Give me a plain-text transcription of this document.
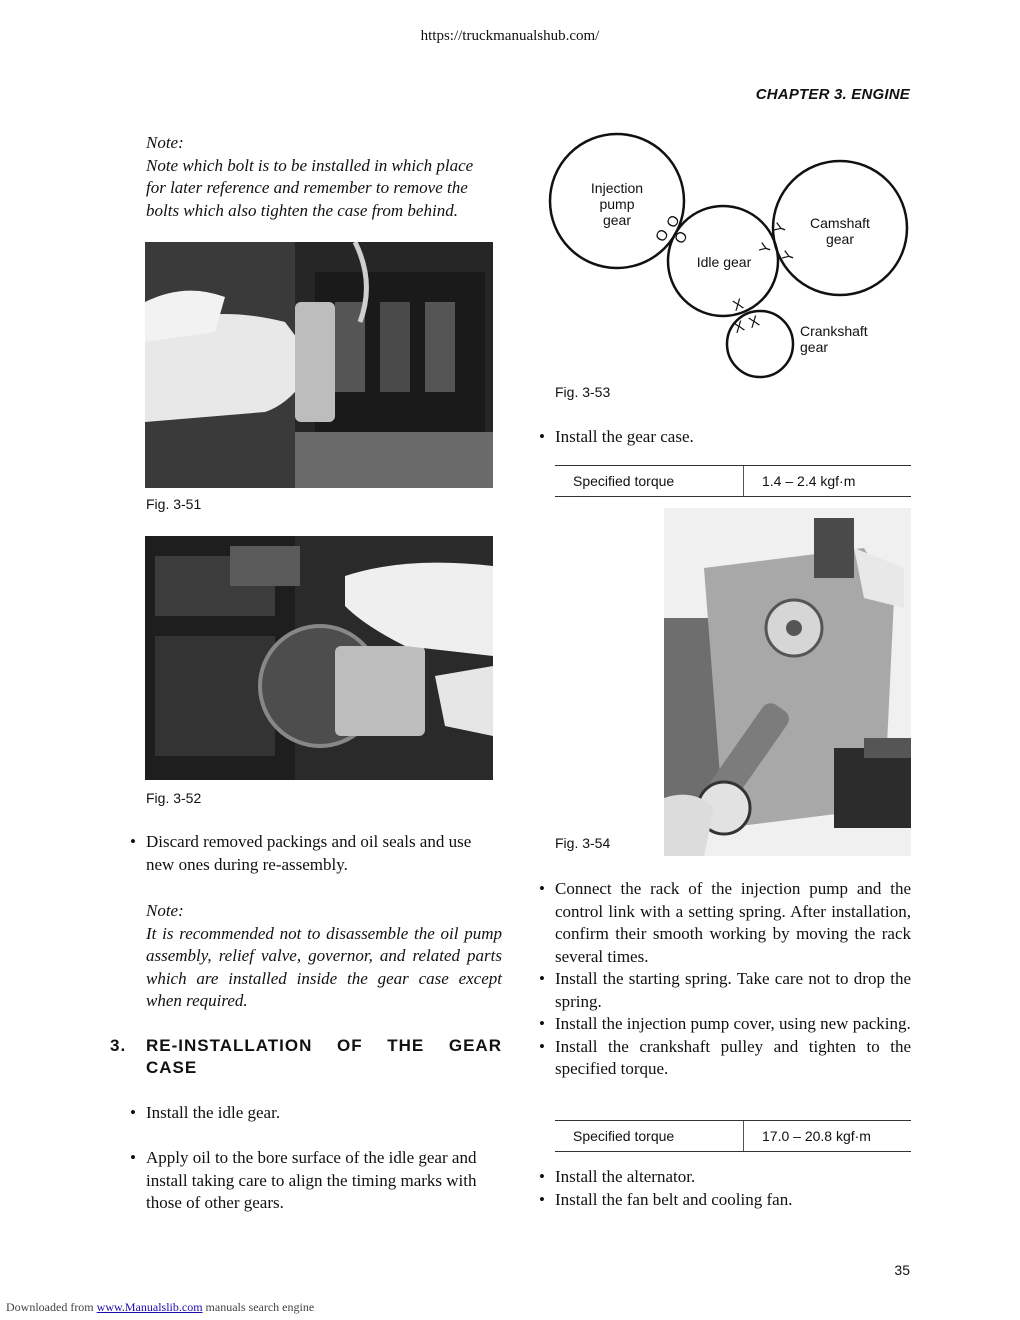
https://truckmanualshub.com/
CHAPTER 3. ENGINE
Note:
Note which bolt is to be installed in which place
for later reference and remember to remove the
bolts which also tighten the case from behind.
Fig. 3-51
Fig. 3-52
• Discard removed packings and oil seals and use new ones during re-assembly.
Note:
It is recommended not to disassemble the oil pump assembly, relief valve, governor, and related parts which are installed inside the gear case except when required.
3. RE-INSTALLATION OF THE GEAR CASE
• Install the idle gear.
• Apply oil to the bore surface of the idle gear and install taking care to align the timing marks with those of other gears.
Injection
pump
gear	Camshaft
gear
Idle gear
Crankshaft
gear
O
O
O
Y
Y
Y
X
X X
Fig. 3-53
• Install the gear case.
Specified torque	1.4 – 2.4 kgf·m
Fig. 3-54
• Connect the rack of the injection pump and the control link with a setting spring. After installation, confirm their smooth working by moving the rack several times.
• Install the starting spring. Take care not to drop the spring.
• Install the injection pump cover, using new packing.
• Install the crankshaft pulley and tighten to the specified torque.
Specified torque	17.0 – 20.8 kgf·m
• Install the alternator.
• Install the fan belt and cooling fan.
35
Downloaded from www.Manualslib.com manuals search engine
